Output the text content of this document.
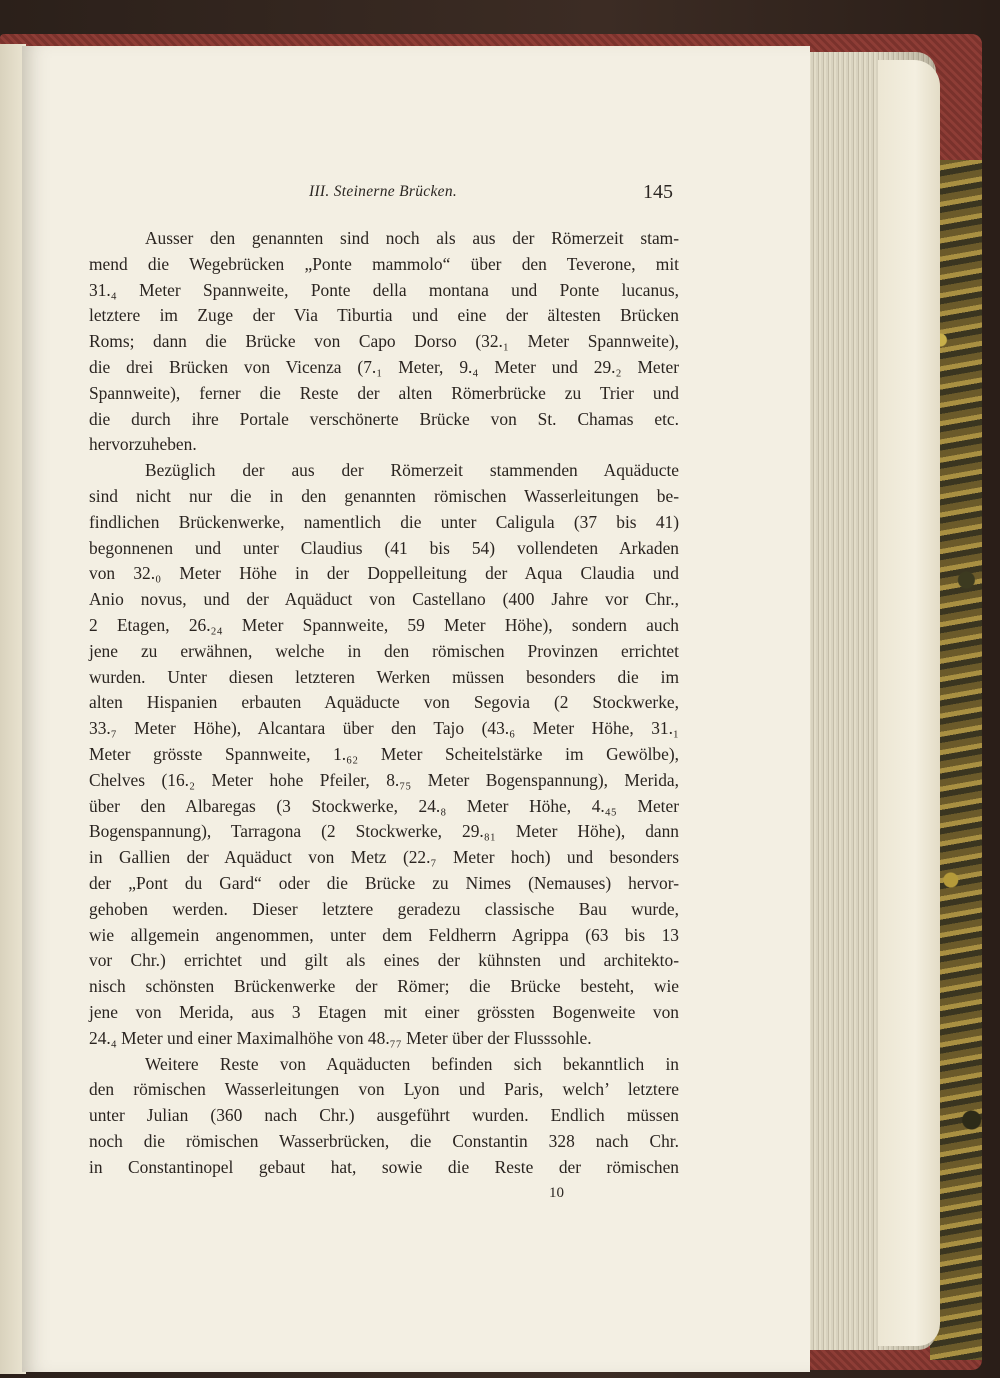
III. Steinerne Brücken.	145
Ausser den genannten sind noch als aus der Römerzeit stam-
mend die Wegebrücken „Ponte mammolo“ über den Teverone, mit
31.₄ Meter Spannweite, Ponte della montana und Ponte lucanus,
letztere im Zuge der Via Tiburtia und eine der ältesten Brücken
Roms; dann die Brücke von Capo Dorso (32.₁ Meter Spannweite),
die drei Brücken von Vicenza (7.₁ Meter, 9.₄ Meter und 29.₂ Meter
Spannweite), ferner die Reste der alten Römerbrücke zu Trier und
die durch ihre Portale verschönerte Brücke von St. Chamas etc.
hervorzuheben.
Bezüglich der aus der Römerzeit stammenden Aquäducte
sind nicht nur die in den genannten römischen Wasserleitungen be-
findlichen Brückenwerke, namentlich die unter Caligula (37 bis 41)
begonnenen und unter Claudius (41 bis 54) vollendeten Arkaden
von 32.₀ Meter Höhe in der Doppelleitung der Aqua Claudia und
Anio novus, und der Aquäduct von Castellano (400 Jahre vor Chr.,
2 Etagen, 26.₂₄ Meter Spannweite, 59 Meter Höhe), sondern auch
jene zu erwähnen, welche in den römischen Provinzen errichtet
wurden. Unter diesen letzteren Werken müssen besonders die im
alten Hispanien erbauten Aquäducte von Segovia (2 Stockwerke,
33.₇ Meter Höhe), Alcantara über den Tajo (43.₆ Meter Höhe, 31.₁
Meter grösste Spannweite, 1.₆₂ Meter Scheitelstärke im Gewölbe),
Chelves (16.₂ Meter hohe Pfeiler, 8.₇₅ Meter Bogenspannung), Merida,
über den Albaregas (3 Stockwerke, 24.₈ Meter Höhe, 4.₄₅ Meter
Bogenspannung), Tarragona (2 Stockwerke, 29.₈₁ Meter Höhe), dann
in Gallien der Aquäduct von Metz (22.₇ Meter hoch) und besonders
der „Pont du Gard“ oder die Brücke zu Nimes (Nemauses) hervor-
gehoben werden. Dieser letztere geradezu classische Bau wurde,
wie allgemein angenommen, unter dem Feldherrn Agrippa (63 bis 13
vor Chr.) errichtet und gilt als eines der kühnsten und architekto-
nisch schönsten Brückenwerke der Römer; die Brücke besteht, wie
jene von Merida, aus 3 Etagen mit einer grössten Bogenweite von
24.₄ Meter und einer Maximalhöhe von 48.₇₇ Meter über der Flusssohle.
Weitere Reste von Aquäducten befinden sich bekanntlich in
den römischen Wasserleitungen von Lyon und Paris, welch’ letztere
unter Julian (360 nach Chr.) ausgeführt wurden. Endlich müssen
noch die römischen Wasserbrücken, die Constantin 328 nach Chr.
in Constantinopel gebaut hat, sowie die Reste der römischen
10
